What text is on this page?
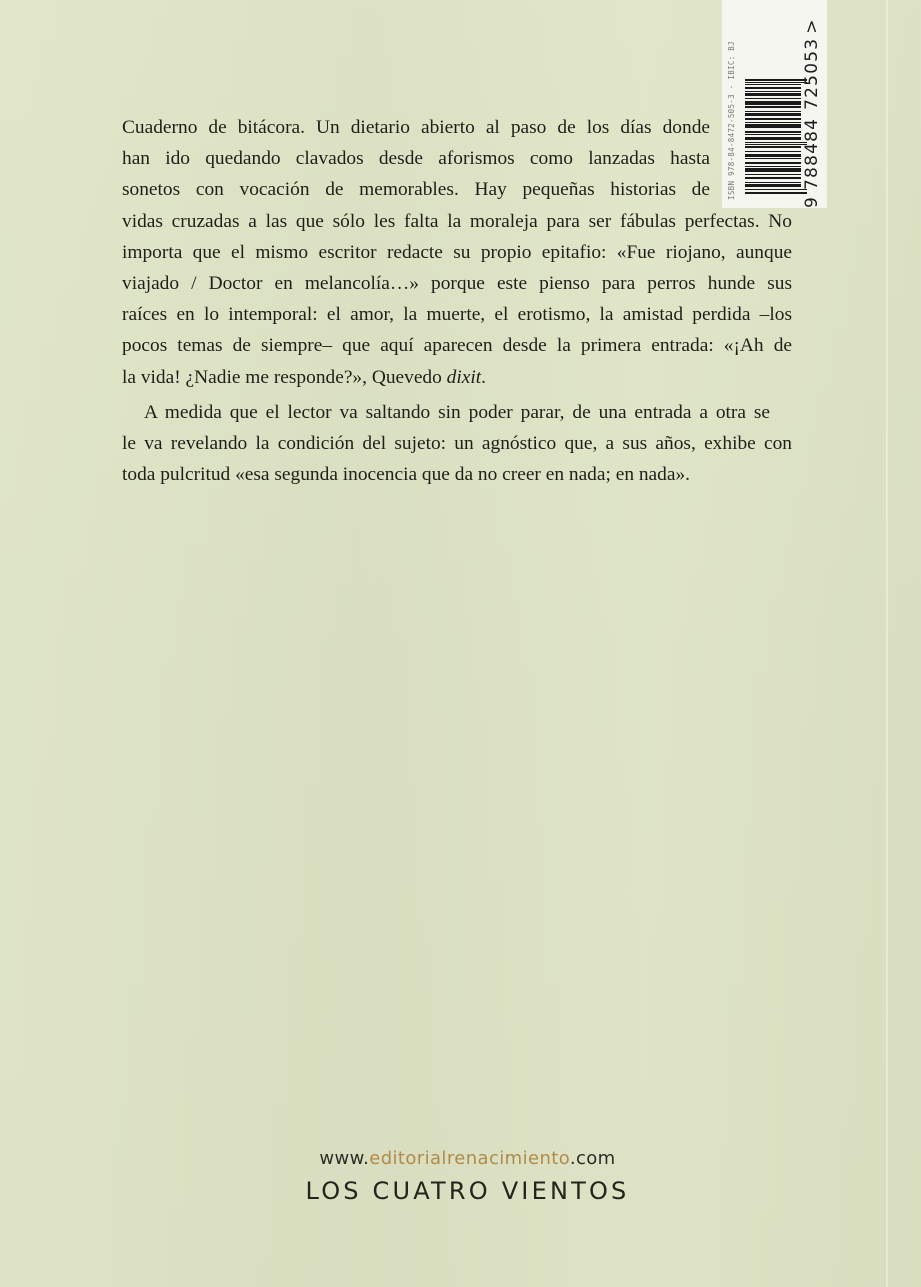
ISBN 978-84-8472-505-3 · IBIC: BJ
9788484725053>

Cuaderno de bitácora. Un dietario abierto al paso de los días donde
han ido quedando clavados desde aforismos como lanzadas hasta
sonetos con vocación de memorables. Hay pequeñas historias de
vidas cruzadas a las que sólo les falta la moraleja para ser fábulas perfectas. No
importa que el mismo escritor redacte su propio epitafio: «Fue riojano, aunque
viajado / Doctor en melancolía…» porque este pienso para perros hunde sus
raíces en lo intemporal: el amor, la muerte, el erotismo, la amistad perdida –los
pocos temas de siempre– que aquí aparecen desde la primera entrada: «¡Ah de
la vida! ¿Nadie me responde?», Quevedo dixit.

A medida que el lector va saltando sin poder parar, de una entrada a otra se
le va revelando la condición del sujeto: un agnóstico que, a sus años, exhibe con
toda pulcritud «esa segunda inocencia que da no creer en nada; en nada».

www.editorialrenacimiento.com
LOS CUATRO VIENTOS
